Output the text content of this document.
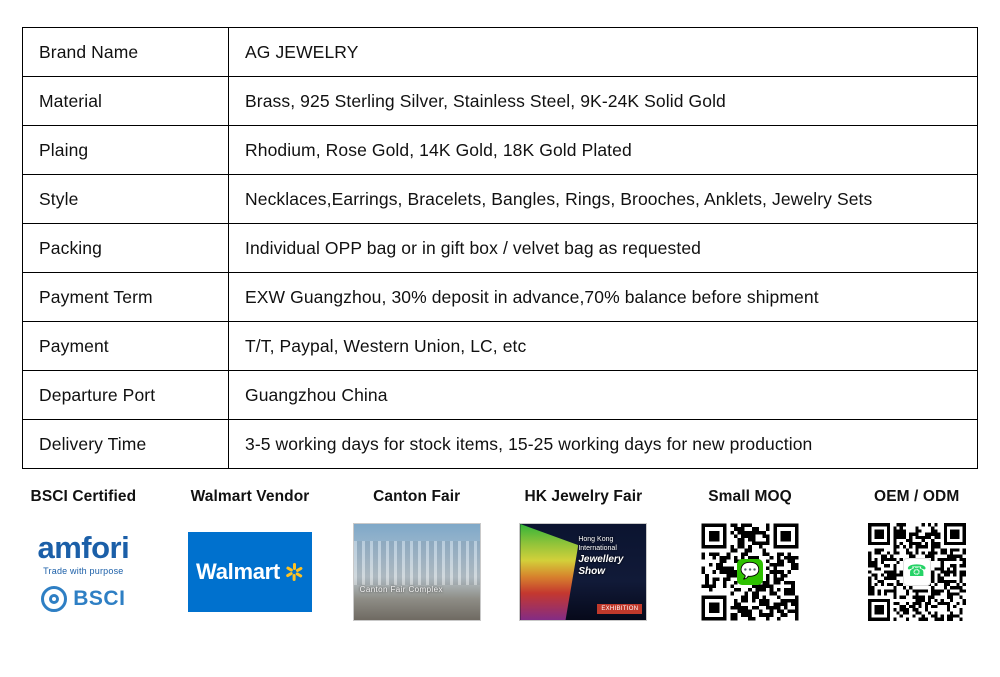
Brand Name	AG JEWELRY
Material	Brass, 925 Sterling Silver, Stainless Steel, 9K-24K Solid Gold
Plaing	Rhodium, Rose Gold, 14K Gold, 18K Gold Plated
Style	Necklaces,Earrings, Bracelets, Bangles, Rings, Brooches, Anklets, Jewelry Sets
Packing	Individual OPP bag or in gift box / velvet bag as requested
Payment Term	EXW Guangzhou, 30% deposit in advance,70% balance before shipment
Payment	T/T, Paypal, Western Union, LC, etc
Departure Port	Guangzhou China
Delivery Time	3-5 working days for stock items, 15-25 working days for new production
BSCI Certified
amfori
Trade with purpose
BSCI
Walmart Vendor
Walmart
Canton Fair
Canton Fair Complex
HK Jewelry Fair
Hong Kong International
Jewellery Show
EXHIBITION
Small MOQ
💬
OEM / ODM
☎
